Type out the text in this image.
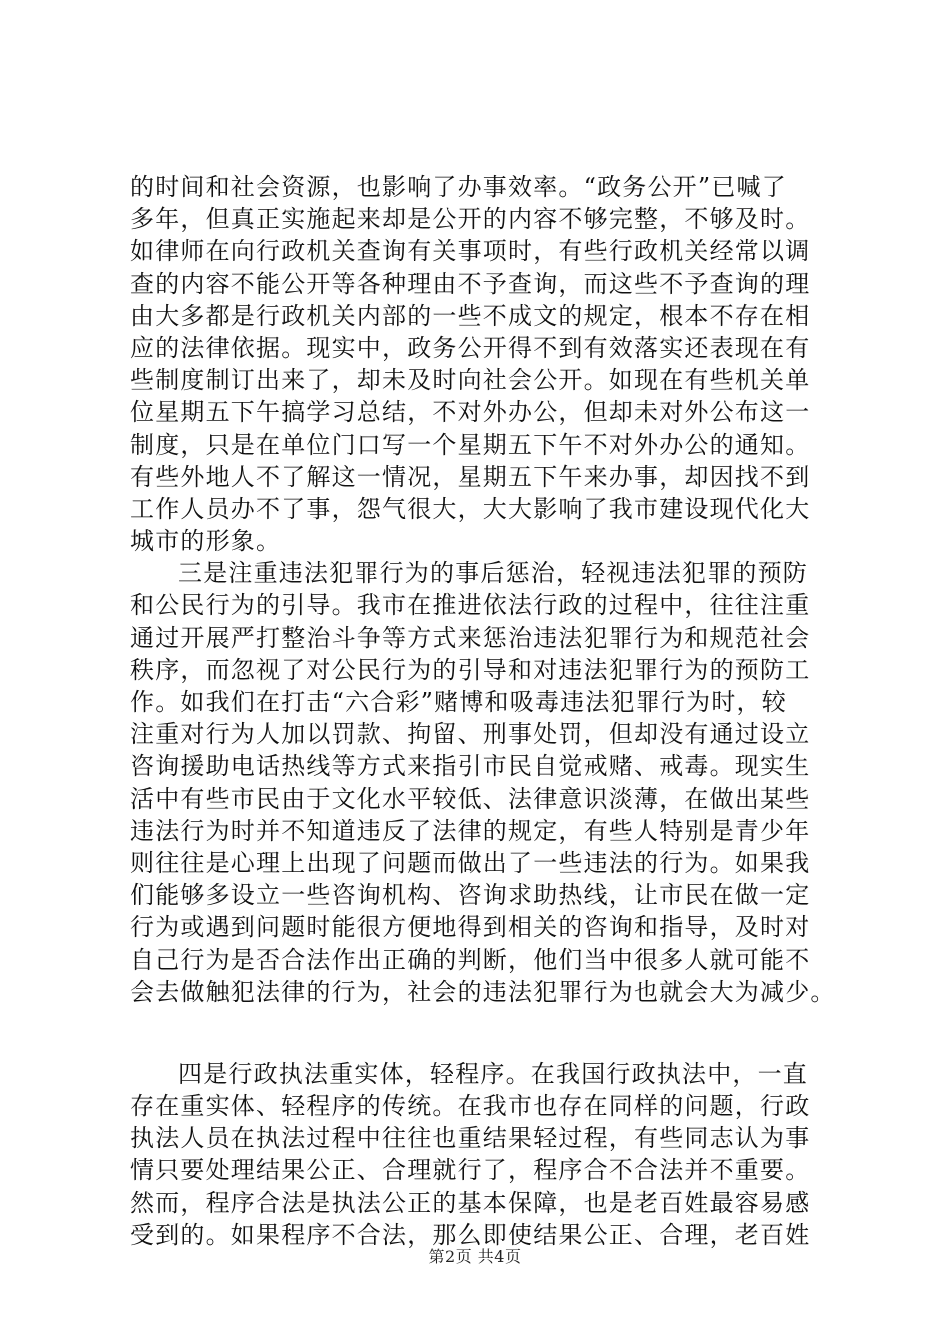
的时间和社会资源，也影响了办事效率。“政务公开”已喊了
多年，但真正实施起来却是公开的内容不够完整，不够及时。
如律师在向行政机关查询有关事项时，有些行政机关经常以调
查的内容不能公开等各种理由不予查询，而这些不予查询的理
由大多都是行政机关内部的一些不成文的规定，根本不存在相
应的法律依据。现实中，政务公开得不到有效落实还表现在有
些制度制订出来了，却未及时向社会公开。如现在有些机关单
位星期五下午搞学习总结，不对外办公，但却未对外公布这一
制度，只是在单位门口写一个星期五下午不对外办公的通知。
有些外地人不了解这一情况，星期五下午来办事，却因找不到
工作人员办不了事，怨气很大，大大影响了我市建设现代化大
城市的形象。
三是注重违法犯罪行为的事后惩治，轻视违法犯罪的预防
和公民行为的引导。我市在推进依法行政的过程中，往往注重
通过开展严打整治斗争等方式来惩治违法犯罪行为和规范社会
秩序，而忽视了对公民行为的引导和对违法犯罪行为的预防工
作。如我们在打击“六合彩”赌博和吸毒违法犯罪行为时，较
注重对行为人加以罚款、拘留、刑事处罚，但却没有通过设立
咨询援助电话热线等方式来指引市民自觉戒赌、戒毒。现实生
活中有些市民由于文化水平较低、法律意识淡薄，在做出某些
违法行为时并不知道违反了法律的规定，有些人特别是青少年
则往往是心理上出现了问题而做出了一些违法的行为。如果我
们能够多设立一些咨询机构、咨询求助热线，让市民在做一定
行为或遇到问题时能很方便地得到相关的咨询和指导，及时对
自己行为是否合法作出正确的判断，他们当中很多人就可能不
会去做触犯法律的行为，社会的违法犯罪行为也就会大为减少。
四是行政执法重实体，轻程序。在我国行政执法中，一直
存在重实体、轻程序的传统。在我市也存在同样的问题，行政
执法人员在执法过程中往往也重结果轻过程，有些同志认为事
情只要处理结果公正、合理就行了，程序合不合法并不重要。
然而，程序合法是执法公正的基本保障，也是老百姓最容易感
受到的。如果程序不合法，那么即使结果公正、合理，老百姓
第2页 共4页
